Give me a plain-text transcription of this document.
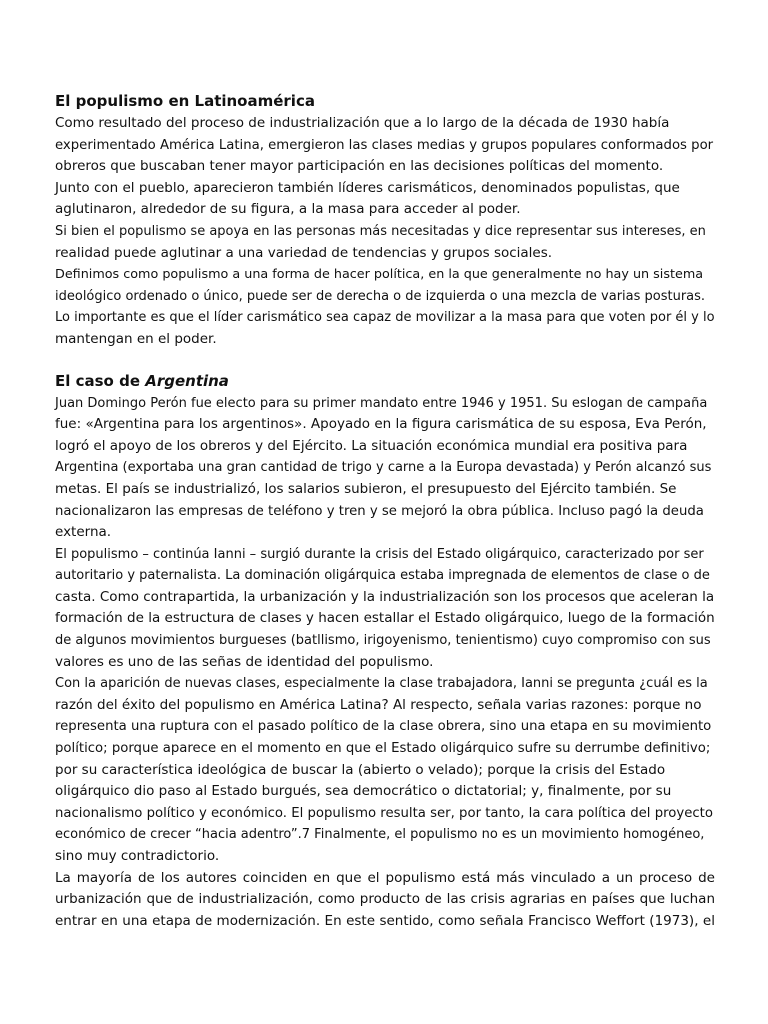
El populismo en Latinoamérica
Como resultado del proceso de industrialización que a lo largo de la década de 1930 había
experimentado América Latina, emergieron las clases medias y grupos populares conformados por
obreros que buscaban tener mayor participación en las decisiones políticas del momento.
Junto con el pueblo, aparecieron también líderes carismáticos, denominados populistas, que
aglutinaron, alrededor de su figura, a la masa para acceder al poder.
Si bien el populismo se apoya en las personas más necesitadas y dice representar sus intereses, en
realidad puede aglutinar a una variedad de tendencias y grupos sociales.
Definimos como populismo a una forma de hacer política, en la que generalmente no hay un sistema
ideológico ordenado o único, puede ser de derecha o de izquierda o una mezcla de varias posturas.
Lo importante es que el líder carismático sea capaz de movilizar a la masa para que voten por él y lo
mantengan en el poder.
El caso de Argentina
Juan Domingo Perón fue electo para su primer mandato entre 1946 y 1951. Su eslogan de campaña
fue: «Argentina para los argentinos». Apoyado en la figura carismática de su esposa, Eva Perón,
logró el apoyo de los obreros y del Ejército. La situación económica mundial era positiva para
Argentina (exportaba una gran cantidad de trigo y carne a la Europa devastada) y Perón alcanzó sus
metas. El país se industrializó, los salarios subieron, el presupuesto del Ejército también. Se
nacionalizaron las empresas de teléfono y tren y se mejoró la obra pública. Incluso pagó la deuda
externa.
El populismo – continúa Ianni – surgió durante la crisis del Estado oligárquico, caracterizado por ser
autoritario y paternalista. La dominación oligárquica estaba impregnada de elementos de clase o de
casta. Como contrapartida, la urbanización y la industrialización son los procesos que aceleran la
formación de la estructura de clases y hacen estallar el Estado oligárquico, luego de la formación
de algunos movimientos burgueses (batllismo, irigoyenismo, tenientismo) cuyo compromiso con sus
valores es uno de las señas de identidad del populismo.
Con la aparición de nuevas clases, especialmente la clase trabajadora, Ianni se pregunta ¿cuál es la
razón del éxito del populismo en América Latina? Al respecto, señala varias razones: porque no
representa una ruptura con el pasado político de la clase obrera, sino una etapa en su movimiento
político; porque aparece en el momento en que el Estado oligárquico sufre su derrumbe definitivo;
por su característica ideológica de buscar la (abierto o velado); porque la crisis del Estado
oligárquico dio paso al Estado burgués, sea democrático o dictatorial; y, finalmente, por su
nacionalismo político y económico. El populismo resulta ser, por tanto, la cara política del proyecto
económico de crecer “hacia adentro”.7 Finalmente, el populismo no es un movimiento homogéneo,
sino muy contradictorio.
La mayoría de los autores coinciden en que el populismo está más vinculado a un proceso de
urbanización que de industrialización, como producto de las crisis agrarias en países que luchan
entrar en una etapa de modernización. En este sentido, como señala Francisco Weffort (1973), el
